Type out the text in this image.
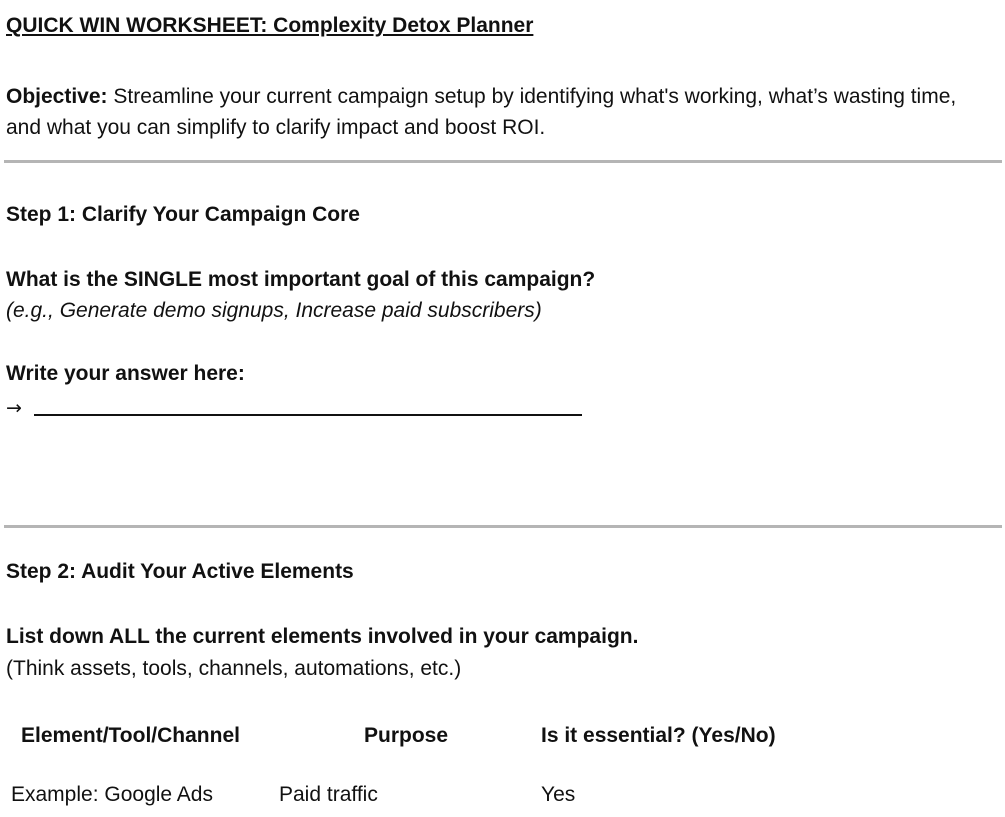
QUICK WIN WORKSHEET: Complexity Detox Planner
Objective: Streamline your current campaign setup by identifying what's working, what’s wasting time, and what you can simplify to clarify impact and boost ROI.
Step 1: Clarify Your Campaign Core
What is the SINGLE most important goal of this campaign?
(e.g., Generate demo signups, Increase paid subscribers)
Write your answer here:
→
Step 2: Audit Your Active Elements
List down ALL the current elements involved in your campaign.
(Think assets, tools, channels, automations, etc.)
Element/Tool/Channel	Purpose	Is it essential? (Yes/No)
Example: Google Ads	Paid traffic	Yes
